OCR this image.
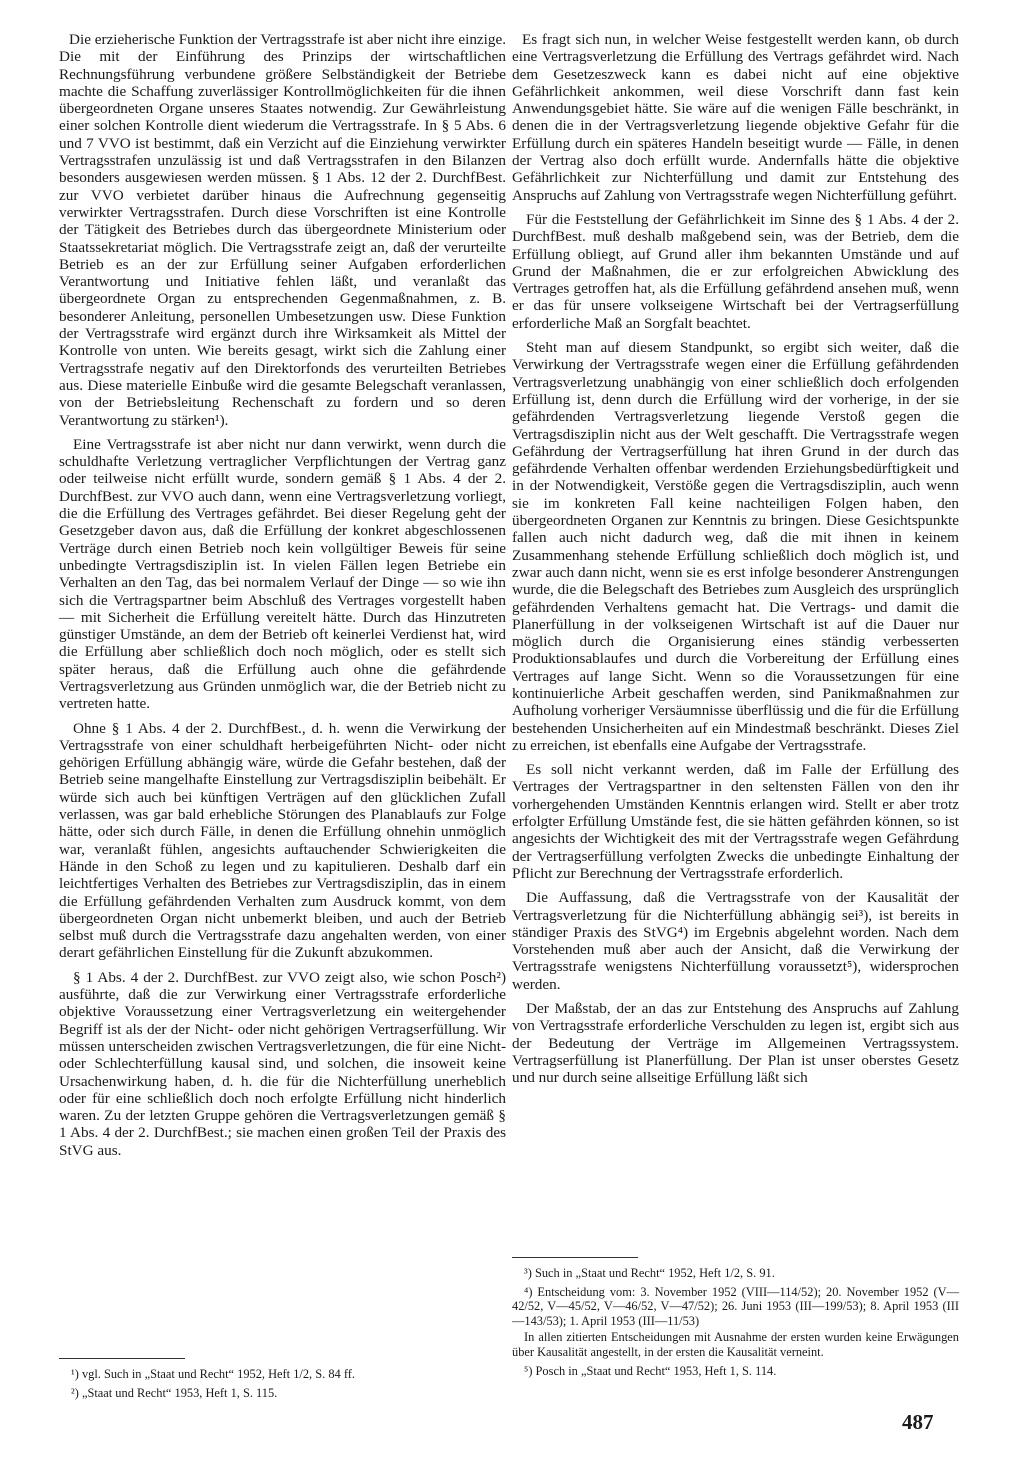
Die erzieherische Funktion der Vertragsstrafe ist aber nicht ihre einzige. Die mit der Einführung des Prinzips der wirtschaftlichen Rechnungsführung verbundene größere Selbständigkeit der Betriebe machte die Schaffung zuverlässiger Kontrollmöglichkeiten für die ihnen übergeordneten Organe unseres Staates notwendig. Zur Gewährleistung einer solchen Kontrolle dient wiederum die Vertragsstrafe. In § 5 Abs. 6 und 7 VVO ist bestimmt, daß ein Verzicht auf die Einziehung verwirkter Vertragsstrafen unzulässig ist und daß Vertragsstrafen in den Bilanzen besonders ausgewiesen werden müssen. § 1 Abs. 12 der 2. DurchfBest. zur VVO verbietet darüber hinaus die Aufrechnung gegenseitig verwirkter Vertragsstrafen. Durch diese Vorschriften ist eine Kontrolle der Tätigkeit des Betriebes durch das übergeordnete Ministerium oder Staatssekretariat möglich. Die Vertragsstrafe zeigt an, daß der verurteilte Betrieb es an der zur Erfüllung seiner Aufgaben erforderlichen Verantwortung und Initiative fehlen läßt, und veranlaßt das übergeordnete Organ zu entsprechenden Gegenmaßnahmen, z. B. besonderer Anleitung, personellen Umbesetzungen usw. Diese Funktion der Vertragsstrafe wird ergänzt durch ihre Wirksamkeit als Mittel der Kontrolle von unten. Wie bereits gesagt, wirkt sich die Zahlung einer Vertragsstrafe negativ auf den Direktorfonds des verurteilten Betriebes aus. Diese materielle Einbuße wird die gesamte Belegschaft veranlassen, von der Betriebsleitung Rechenschaft zu fordern und so deren Verantwortung zu stärken¹).

Eine Vertragsstrafe ist aber nicht nur dann verwirkt, wenn durch die schuldhafte Verletzung vertraglicher Verpflichtungen der Vertrag ganz oder teilweise nicht erfüllt wurde, sondern gemäß § 1 Abs. 4 der 2. DurchfBest. zur VVO auch dann, wenn eine Vertragsverletzung vorliegt, die die Erfüllung des Vertrages gefährdet. Bei dieser Regelung geht der Gesetzgeber davon aus, daß die Erfüllung der konkret abgeschlossenen Verträge durch einen Betrieb noch kein vollgültiger Beweis für seine unbedingte Vertragsdisziplin ist. In vielen Fällen legen Betriebe ein Verhalten an den Tag, das bei normalem Verlauf der Dinge — so wie ihn sich die Vertragspartner beim Abschluß des Vertrages vorgestellt haben — mit Sicherheit die Erfüllung vereitelt hätte. Durch das Hinzutreten günstiger Umstände, an dem der Betrieb oft keinerlei Verdienst hat, wird die Erfüllung aber schließlich doch noch möglich, oder es stellt sich später heraus, daß die Erfüllung auch ohne die gefährdende Vertragsverletzung aus Gründen unmöglich war, die der Betrieb nicht zu vertreten hatte.

Ohne § 1 Abs. 4 der 2. DurchfBest., d. h. wenn die Verwirkung der Vertragsstrafe von einer schuldhaft herbeigeführten Nicht- oder nicht gehörigen Erfüllung abhängig wäre, würde die Gefahr bestehen, daß der Betrieb seine mangelhafte Einstellung zur Vertragsdisziplin beibehält. Er würde sich auch bei künftigen Verträgen auf den glücklichen Zufall verlassen, was gar bald erhebliche Störungen des Planablaufs zur Folge hätte, oder sich durch Fälle, in denen die Erfüllung ohnehin unmöglich war, veranlaßt fühlen, angesichts auftauchender Schwierigkeiten die Hände in den Schoß zu legen und zu kapitulieren. Deshalb darf ein leichtfertiges Verhalten des Betriebes zur Vertragsdisziplin, das in einem die Erfüllung gefährdenden Verhalten zum Ausdruck kommt, von dem übergeordneten Organ nicht unbemerkt bleiben, und auch der Betrieb selbst muß durch die Vertragsstrafe dazu angehalten werden, von einer derart gefährlichen Einstellung für die Zukunft abzukommen.

§ 1 Abs. 4 der 2. DurchfBest. zur VVO zeigt also, wie schon Posch²) ausführte, daß die zur Verwirkung einer Vertragsstrafe erforderliche objektive Voraussetzung einer Vertragsverletzung ein weitergehender Begriff ist als der der Nicht- oder nicht gehörigen Vertragserfüllung. Wir müssen unterscheiden zwischen Vertragsverletzungen, die für eine Nicht- oder Schlechterfüllung kausal sind, und solchen, die insoweit keine Ursachenwirkung haben, d. h. die für die Nichterfüllung unerheblich oder für eine schließlich doch noch erfolgte Erfüllung nicht hinderlich waren. Zu der letzten Gruppe gehören die Vertragsverletzungen gemäß § 1 Abs. 4 der 2. DurchfBest.; sie machen einen großen Teil der Praxis des StVG aus.

Es fragt sich nun, in welcher Weise festgestellt werden kann, ob durch eine Vertragsverletzung die Erfüllung des Vertrags gefährdet wird. Nach dem Gesetzeszweck kann es dabei nicht auf eine objektive Gefährlichkeit ankommen, weil diese Vorschrift dann fast kein Anwendungsgebiet hätte. Sie wäre auf die wenigen Fälle beschränkt, in denen die in der Vertragsverletzung liegende objektive Gefahr für die Erfüllung durch ein späteres Handeln beseitigt wurde — Fälle, in denen der Vertrag also doch erfüllt wurde. Andernfalls hätte die objektive Gefährlichkeit zur Nichterfüllung und damit zur Entstehung des Anspruchs auf Zahlung von Vertragsstrafe wegen Nichterfüllung geführt.

Für die Feststellung der Gefährlichkeit im Sinne des § 1 Abs. 4 der 2. DurchfBest. muß deshalb maßgebend sein, was der Betrieb, dem die Erfüllung obliegt, auf Grund aller ihm bekannten Umstände und auf Grund der Maßnahmen, die er zur erfolgreichen Abwicklung des Vertrages getroffen hat, als die Erfüllung gefährdend ansehen muß, wenn er das für unsere volkseigene Wirtschaft bei der Vertragserfüllung erforderliche Maß an Sorgfalt beachtet.

Steht man auf diesem Standpunkt, so ergibt sich weiter, daß die Verwirkung der Vertragsstrafe wegen einer die Erfüllung gefährdenden Vertragsverletzung unabhängig von einer schließlich doch erfolgenden Erfüllung ist, denn durch die Erfüllung wird der vorherige, in der sie gefährdenden Vertragsverletzung liegende Verstoß gegen die Vertragsdisziplin nicht aus der Welt geschafft. Die Vertragsstrafe wegen Gefährdung der Vertragserfüllung hat ihren Grund in der durch das gefährdende Verhalten offenbar werdenden Erziehungsbedürftigkeit und in der Notwendigkeit, Verstöße gegen die Vertragsdisziplin, auch wenn sie im konkreten Fall keine nachteiligen Folgen haben, den übergeordneten Organen zur Kenntnis zu bringen. Diese Gesichtspunkte fallen auch nicht dadurch weg, daß die mit ihnen in keinem Zusammenhang stehende Erfüllung schließlich doch möglich ist, und zwar auch dann nicht, wenn sie es erst infolge besonderer Anstrengungen wurde, die die Belegschaft des Betriebes zum Ausgleich des ursprünglich gefährdenden Verhaltens gemacht hat. Die Vertrags- und damit die Planerfüllung in der volkseigenen Wirtschaft ist auf die Dauer nur möglich durch die Organisierung eines ständig verbesserten Produktionsablaufes und durch die Vorbereitung der Erfüllung eines Vertrages auf lange Sicht. Wenn so die Voraussetzungen für eine kontinuierliche Arbeit geschaffen werden, sind Panikmaßnahmen zur Aufholung vorheriger Versäumnisse überflüssig und die für die Erfüllung bestehenden Unsicherheiten auf ein Mindestmaß beschränkt. Dieses Ziel zu erreichen, ist ebenfalls eine Aufgabe der Vertragsstrafe.

Es soll nicht verkannt werden, daß im Falle der Erfüllung des Vertrages der Vertragspartner in den seltensten Fällen von den ihr vorhergehenden Umständen Kenntnis erlangen wird. Stellt er aber trotz erfolgter Erfüllung Umstände fest, die sie hätten gefährden können, so ist angesichts der Wichtigkeit des mit der Vertragsstrafe wegen Gefährdung der Vertragserfüllung verfolgten Zwecks die unbedingte Einhaltung der Pflicht zur Berechnung der Vertragsstrafe erforderlich.

Die Auffassung, daß die Vertragsstrafe von der Kausalität der Vertragsverletzung für die Nichterfüllung abhängig sei³), ist bereits in ständiger Praxis des StVG⁴) im Ergebnis abgelehnt worden. Nach dem Vorstehenden muß aber auch der Ansicht, daß die Verwirkung der Vertragsstrafe wenigstens Nichterfüllung voraussetzt⁵), widersprochen werden.

Der Maßstab, der an das zur Entstehung des Anspruchs auf Zahlung von Vertragsstrafe erforderliche Verschulden zu legen ist, ergibt sich aus der Bedeutung der Verträge im Allgemeinen Vertragssystem. Vertragserfüllung ist Planerfüllung. Der Plan ist unser oberstes Gesetz und nur durch seine allseitige Erfüllung läßt sich

¹) vgl. Such in „Staat und Recht“ 1952, Heft 1/2, S. 84 ff.

²) „Staat und Recht“ 1953, Heft 1, S. 115.

³) Such in „Staat und Recht“ 1952, Heft 1/2, S. 91.

⁴) Entscheidung vom: 3. November 1952 (VIII—114/52); 20. November 1952 (V—42/52, V—45/52, V—46/52, V—47/52); 26. Juni 1953 (III—199/53); 8. April 1953 (III—143/53); 1. April 1953 (III—11/53)

In allen zitierten Entscheidungen mit Ausnahme der ersten wurden keine Erwägungen über Kausalität angestellt, in der ersten die Kausalität verneint.

⁵) Posch in „Staat und Recht“ 1953, Heft 1, S. 114.

487
